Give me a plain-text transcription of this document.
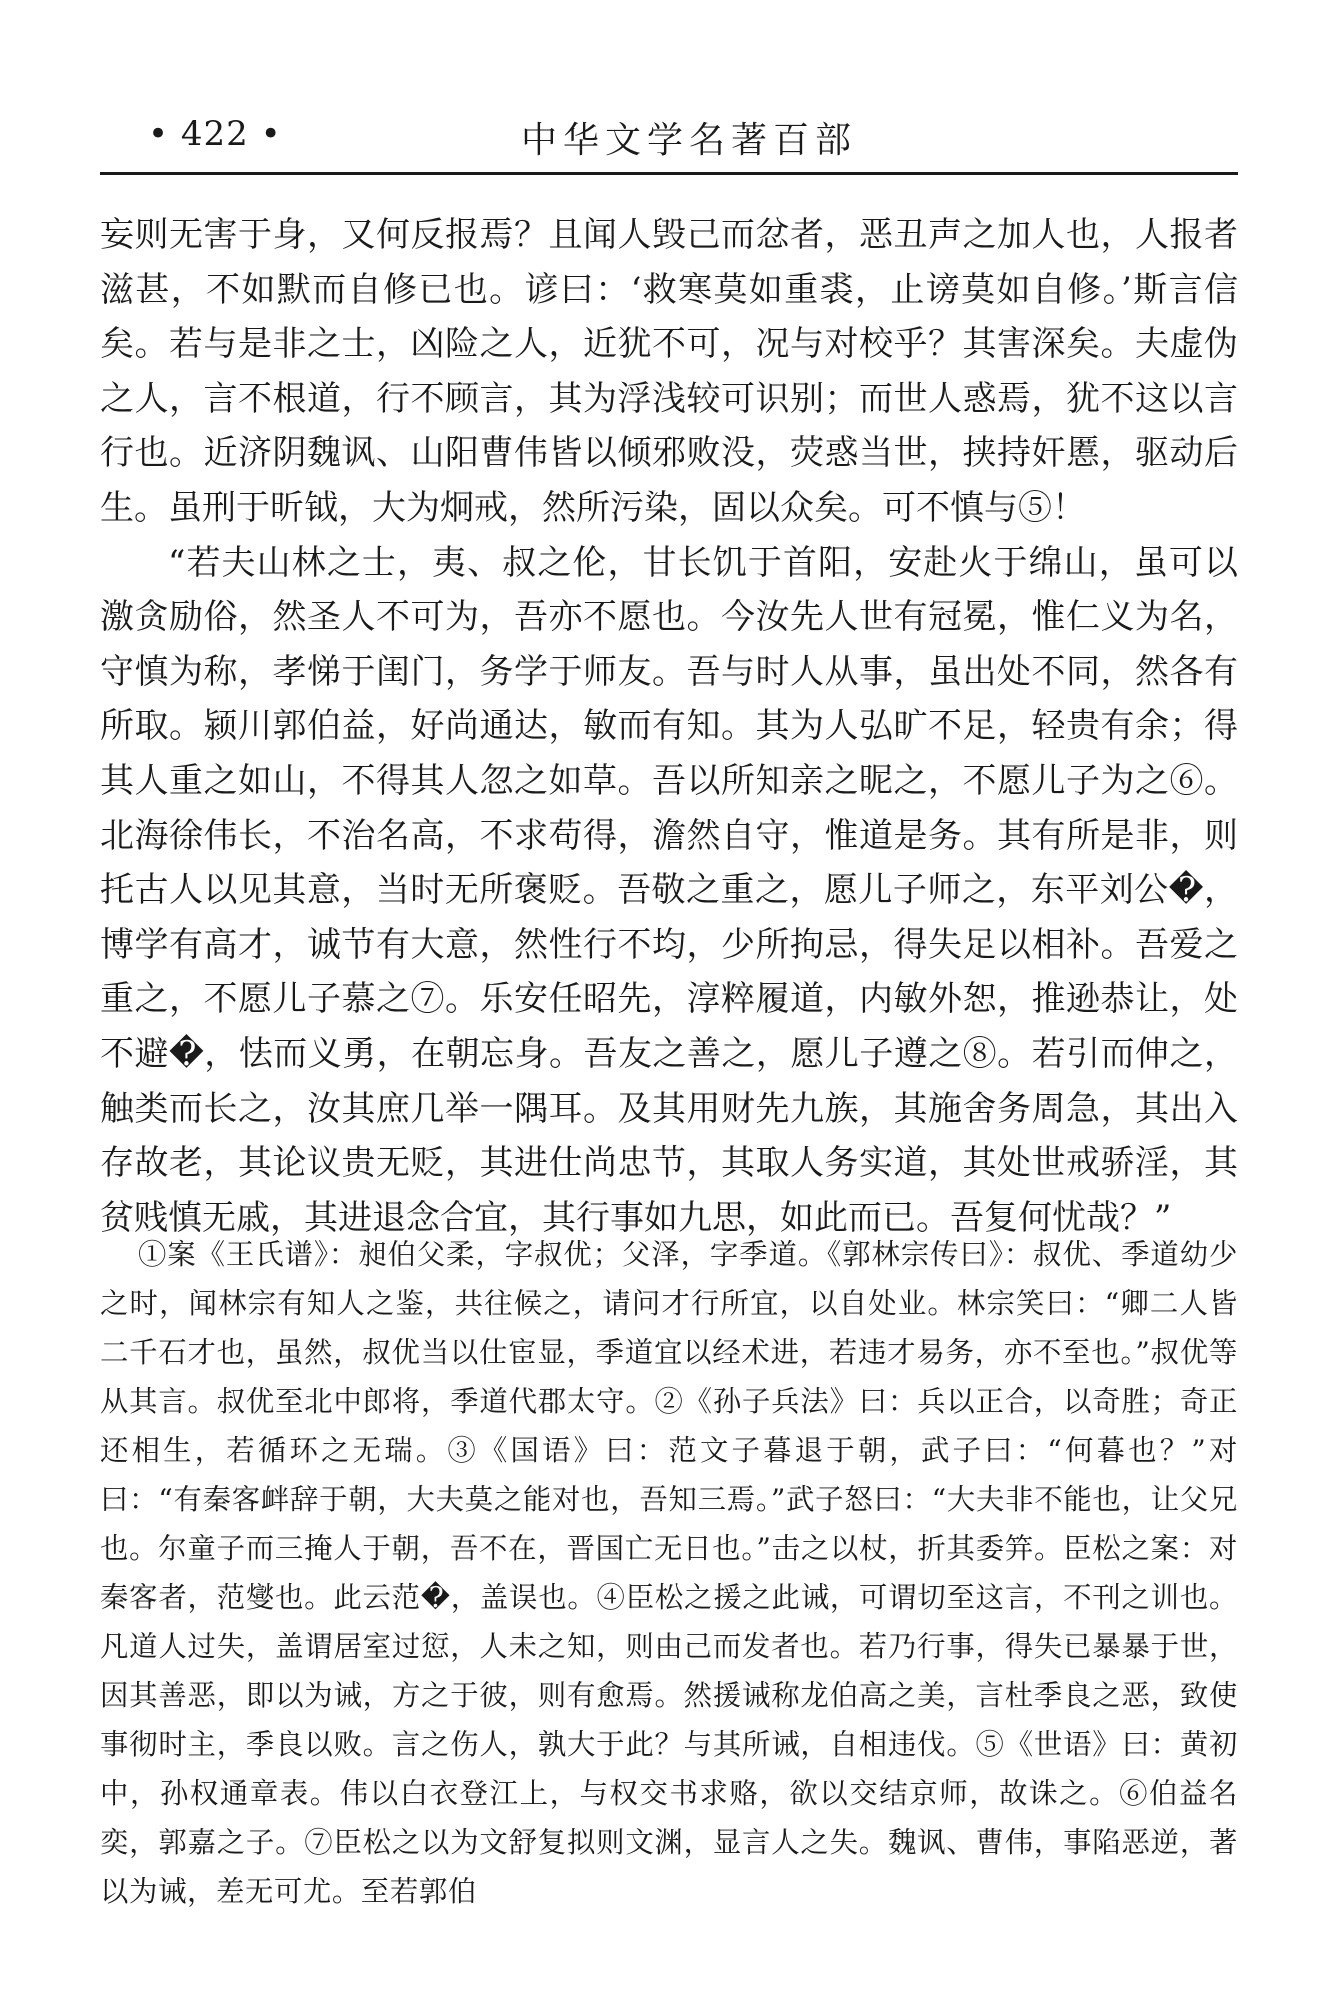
• 422 •	中华文学名著百部

妄则无害于身，又何反报焉？且闻人毁己而忿者，恶丑声之加人也，人报者滋甚，不如默而自修已也。谚曰：‘救寒莫如重裘，止谤莫如自修。’斯言信矣。若与是非之士，凶险之人，近犹不可，况与对校乎？其害深矣。夫虚伪之人，言不根道，行不顾言，其为浮浅较可识别；而世人惑焉，犹不这以言行也。近济阴魏讽、山阳曹伟皆以倾邪败没，荧惑当世，挟持奸慝，驱动后生。虽刑于昕钺，大为炯戒，然所污染，固以众矣。可不慎与⑤！

“若夫山林之士，夷、叔之伦，甘长饥于首阳，安赴火于绵山，虽可以激贪励俗，然圣人不可为，吾亦不愿也。今汝先人世有冠冕，惟仁义为名，守慎为称，孝悌于闺门，务学于师友。吾与时人从事，虽出处不同，然各有所取。颍川郭伯益，好尚通达，敏而有知。其为人弘旷不足，轻贵有余；得其人重之如山，不得其人忽之如草。吾以所知亲之昵之，不愿儿子为之⑥。北海徐伟长，不治名高，不求苟得，澹然自守，惟道是务。其有所是非，则托古人以见其意，当时无所褒贬。吾敬之重之，愿儿子师之，东平刘公�，博学有高才，诚节有大意，然性行不均，少所拘忌，得失足以相补。吾爱之重之，不愿儿子慕之⑦。乐安任昭先，淳粹履道，内敏外恕，推逊恭让，处不避�，怯而义勇，在朝忘身。吾友之善之，愿儿子遵之⑧。若引而伸之，触类而长之，汝其庶几举一隅耳。及其用财先九族，其施舍务周急，其出入存故老，其论议贵无贬，其进仕尚忠节，其取人务实道，其处世戒骄淫，其贫贱慎无戚，其进退念合宜，其行事如九思，如此而已。吾复何忧哉？”

①案《王氏谱》：昶伯父柔，字叔优；父泽，字季道。《郭林宗传曰》：叔优、季道幼少之时，闻林宗有知人之鉴，共往候之，请问才行所宜，以自处业。林宗笑曰：“卿二人皆二千石才也，虽然，叔优当以仕宦显，季道宜以经术进，若违才易务，亦不至也。”叔优等从其言。叔优至北中郎将，季道代郡太守。②《孙子兵法》曰：兵以正合，以奇胜；奇正还相生，若循环之无瑞。③《国语》曰：范文子暮退于朝，武子曰：“何暮也？”对曰：“有秦客衅辞于朝，大夫莫之能对也，吾知三焉。”武子怒曰：“大夫非不能也，让父兄也。尔童子而三掩人于朝，吾不在，晋国亡无日也。”击之以杖，折其委笄。臣松之案：对秦客者，范燮也。此云范�，盖误也。④臣松之援之此诫，可谓切至这言，不刊之训也。凡道人过失，盖谓居室过愆，人未之知，则由己而发者也。若乃行事，得失已暴暴于世，因其善恶，即以为诫，方之于彼，则有愈焉。然援诫称龙伯高之美，言杜季良之恶，致使事彻时主，季良以败。言之伤人，孰大于此？与其所诫，自相违伐。⑤《世语》曰：黄初中，孙权通章表。伟以白衣登江上，与权交书求赂，欲以交结京师，故诛之。⑥伯益名奕，郭嘉之子。⑦臣松之以为文舒复拟则文渊，显言人之失。魏讽、曹伟，事陷恶逆，著以为诫，差无可尤。至若郭伯
